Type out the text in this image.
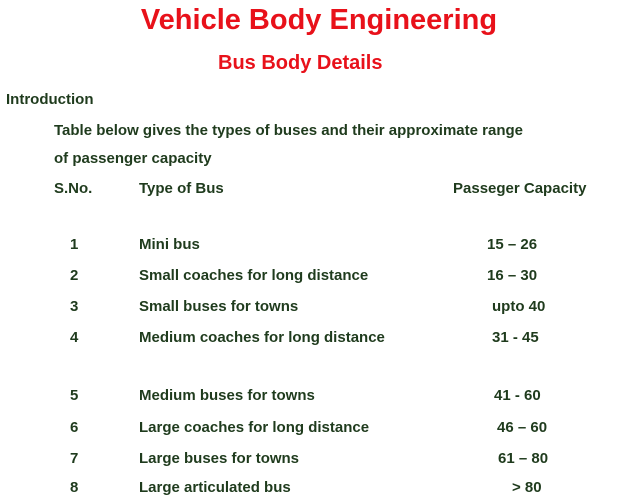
Vehicle Body Engineering
Bus Body Details
Introduction
Table below gives the types of buses and their approximate range
of passenger capacity
S.No.	Type of Bus	Passeger Capacity
1	Mini bus	15 – 26
2	Small coaches for long distance	16 – 30
3	Small buses for towns	upto 40
4	Medium coaches for long distance	31 - 45
5	Medium buses for towns	41 - 60
6	Large coaches for long distance	46 – 60
7	Large buses for towns	61 – 80
8	Large articulated bus	> 80
